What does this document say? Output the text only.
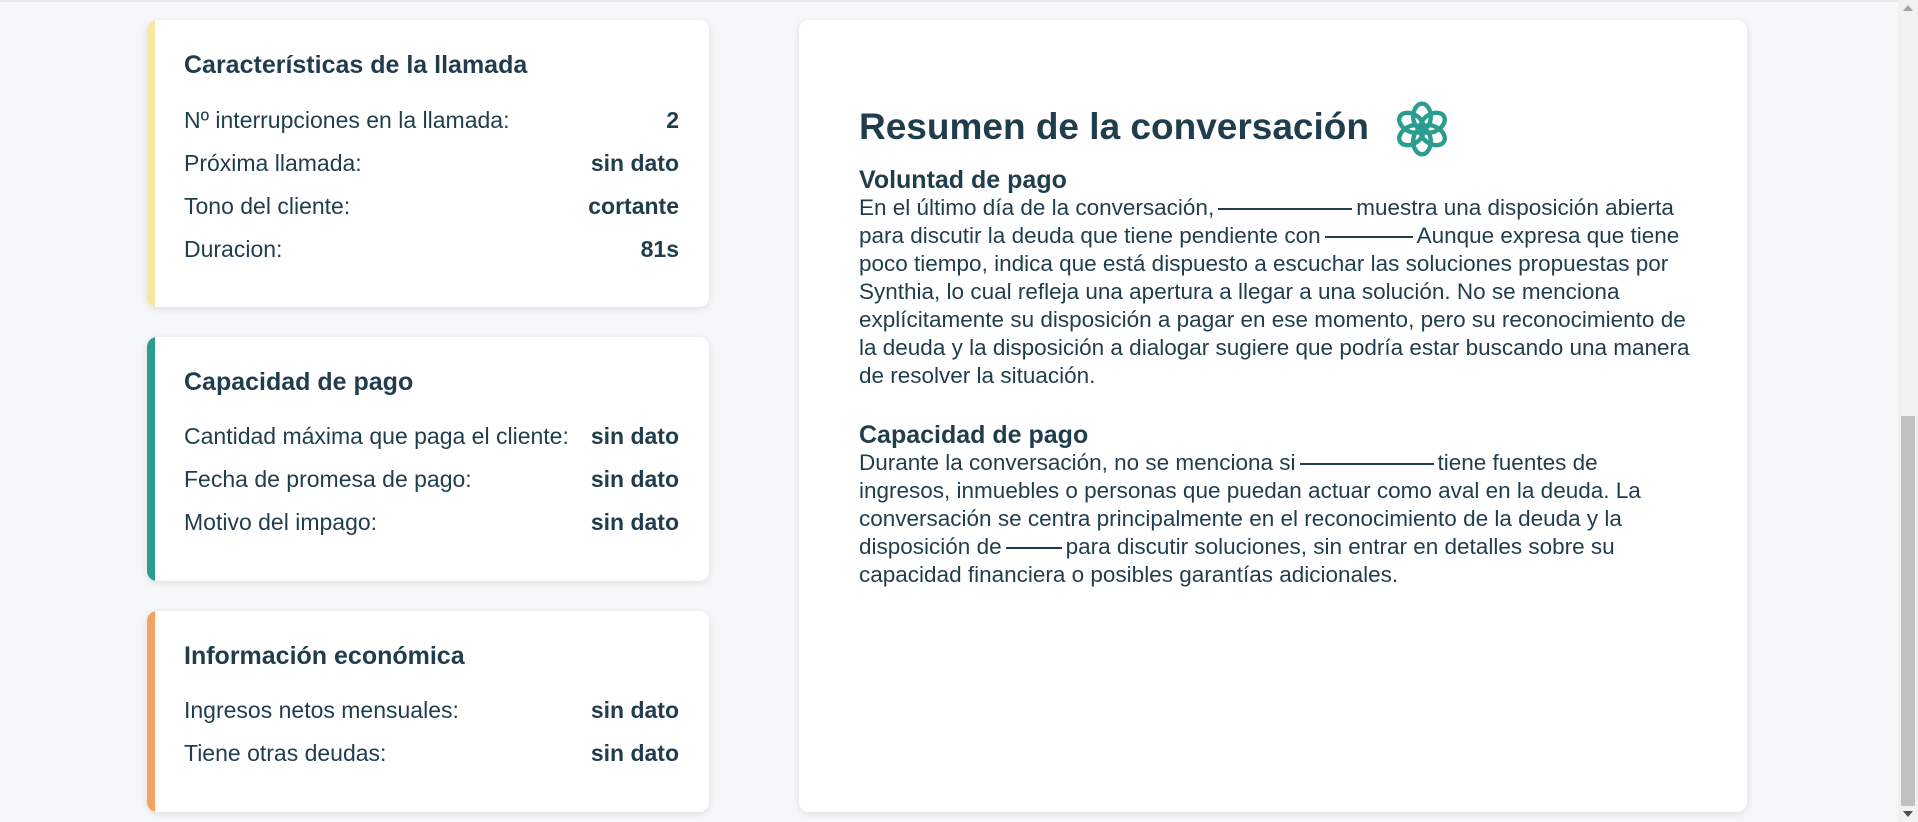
Características de la llamada
Nº interrupciones en la llamada:	2
Próxima llamada:	sin dato
Tono del cliente:	cortante
Duracion:	81s
Capacidad de pago
Cantidad máxima que paga el cliente: sin dato
Fecha de promesa de pago:	sin dato
Motivo del impago:	sin dato
Información económica
Ingresos netos mensuales:	sin dato
Tiene otras deudas:	sin dato
Resumen de la conversación
Voluntad de pago
En el último día de la conversación,	muestra una disposición abierta para discutir la deuda que tiene pendiente con	Aunque expresa que tiene poco tiempo, indica que está dispuesto a escuchar las soluciones propuestas por Synthia, lo cual refleja una apertura a llegar a una solución. No se menciona explícitamente su disposición a pagar en ese momento, pero su reconocimiento de la deuda y la disposición a dialogar sugiere que podría estar buscando una manera de resolver la situación.
Capacidad de pago
Durante la conversación, no se menciona si	tiene fuentes de ingresos, inmuebles o personas que puedan actuar como aval en la deuda. La conversación se centra principalmente en el reconocimiento de la deuda y la disposición de	para discutir soluciones, sin entrar en detalles sobre su capacidad financiera o posibles garantías adicionales.
